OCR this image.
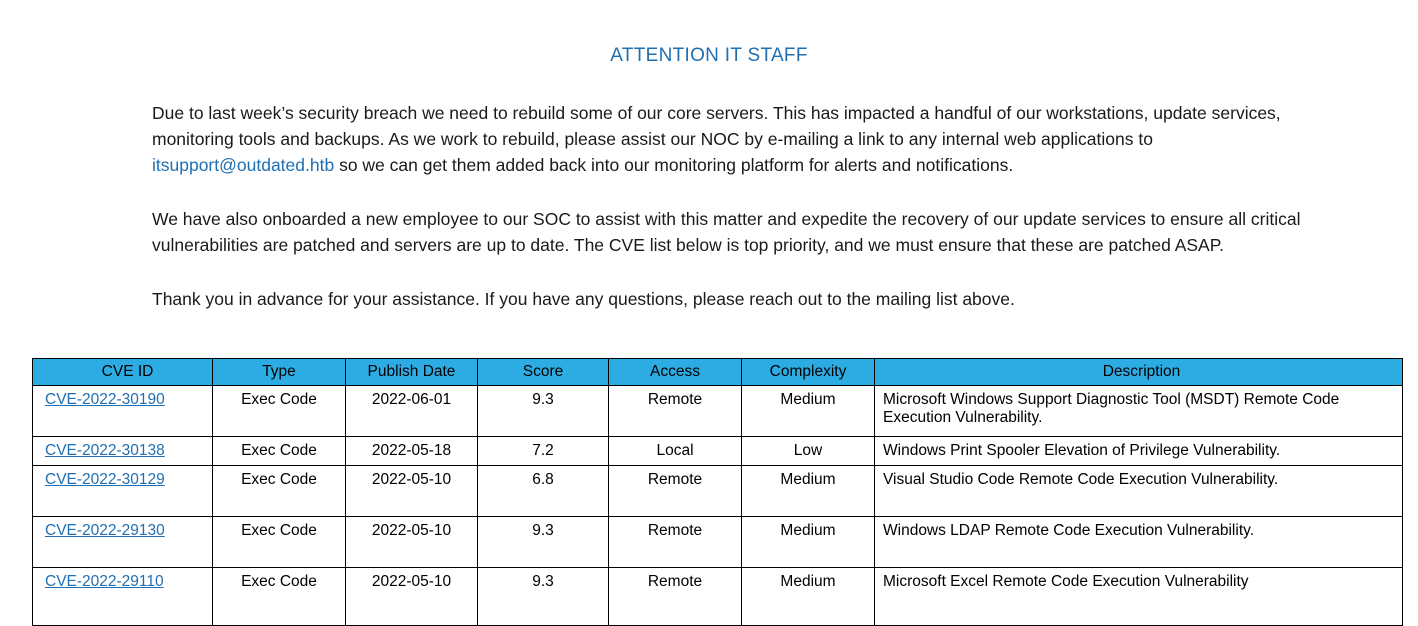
ATTENTION IT STAFF
Due to last week’s security breach we need to rebuild some of our core servers. This has impacted a handful of our workstations, update services, monitoring tools and backups. As we work to rebuild, please assist our NOC by e-mailing a link to any internal web applications to itsupport@outdated.htb so we can get them added back into our monitoring platform for alerts and notifications.
We have also onboarded a new employee to our SOC to assist with this matter and expedite the recovery of our update services to ensure all critical vulnerabilities are patched and servers are up to date. The CVE list below is top priority, and we must ensure that these are patched ASAP.
Thank you in advance for your assistance. If you have any questions, please reach out to the mailing list above.
CVE ID	Type	Publish Date	Score	Access	Complexity	Description
CVE-2022-30190	Exec Code	2022-06-01	9.3	Remote	Medium	Microsoft Windows Support Diagnostic Tool (MSDT) Remote Code Execution Vulnerability.
CVE-2022-30138	Exec Code	2022-05-18	7.2	Local	Low	Windows Print Spooler Elevation of Privilege Vulnerability.
CVE-2022-30129	Exec Code	2022-05-10	6.8	Remote	Medium	Visual Studio Code Remote Code Execution Vulnerability.
CVE-2022-29130	Exec Code	2022-05-10	9.3	Remote	Medium	Windows LDAP Remote Code Execution Vulnerability.
CVE-2022-29110	Exec Code	2022-05-10	9.3	Remote	Medium	Microsoft Excel Remote Code Execution Vulnerability
